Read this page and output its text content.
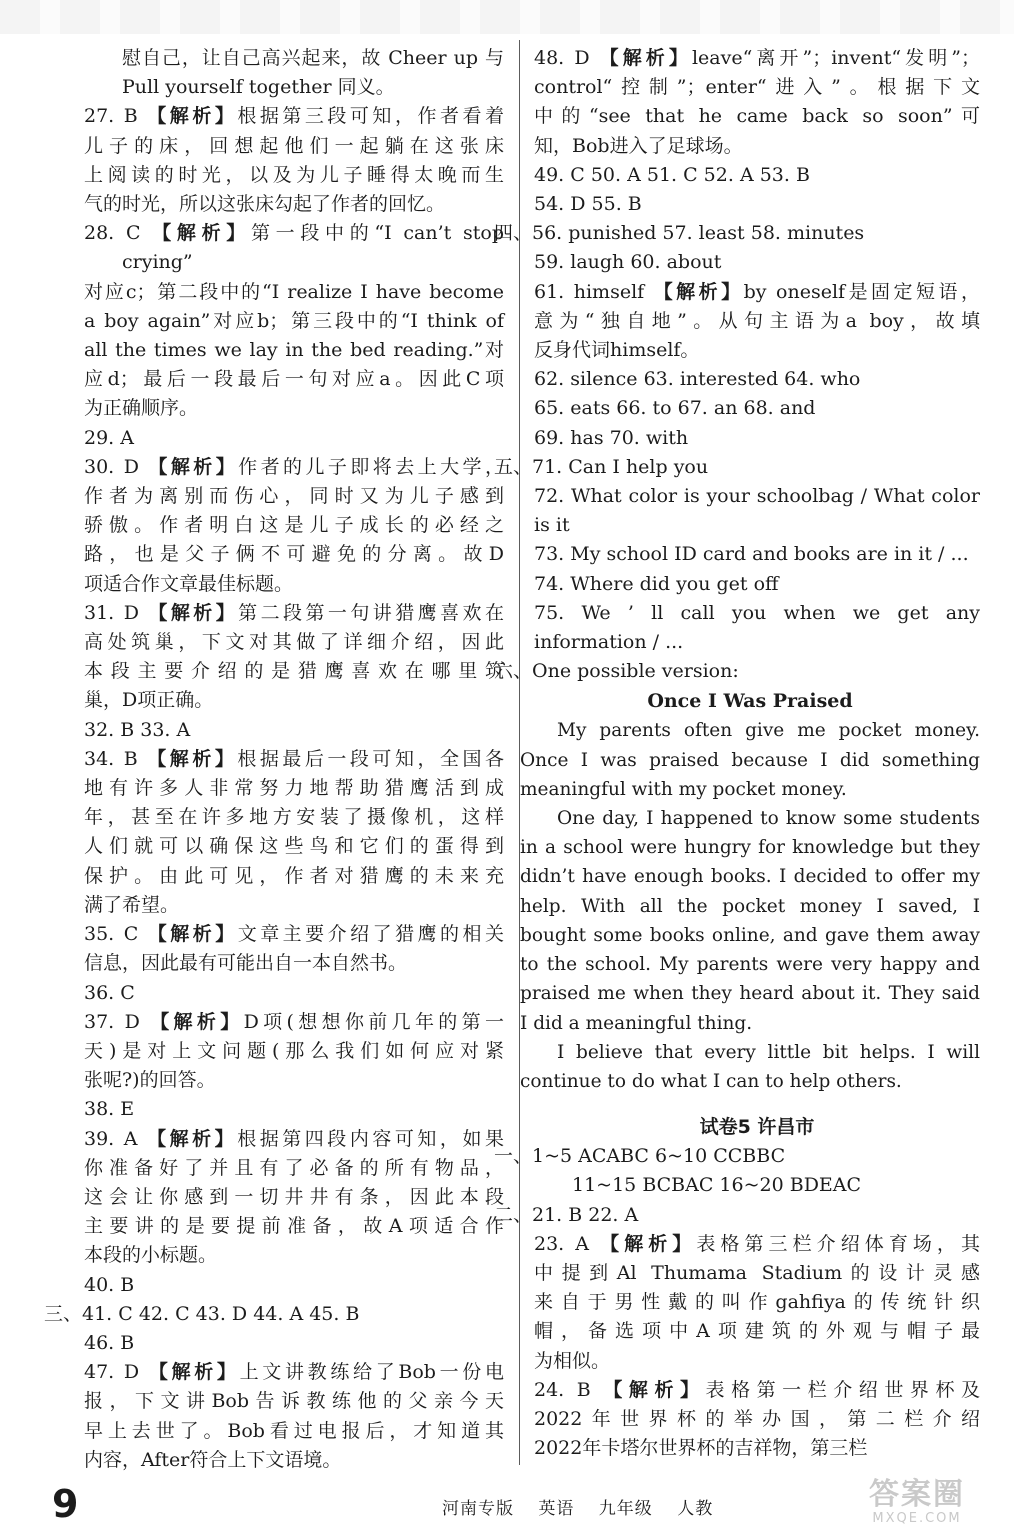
慰自己，让自己高兴起来，故 Cheer up 与
Pull yourself together 同义。
27. B 【解析】根据第三段可知，作者看着
儿子的床，回想起他们一起躺在这张床
上阅读的时光，以及为儿子睡得太晚而生
气的时光，所以这张床勾起了作者的回忆。
28. C 【解析】第一段中的“I can’t stop crying”
对应c；第二段中的“I realize I have become
a boy again”对应b；第三段中的“I think of
all the times we lay in the bed reading.”对
应d；最后一段最后一句对应a。因此C项
为正确顺序。
29. A
30. D 【解析】作者的儿子即将去上大学，
作者为离别而伤心，同时又为儿子感到
骄傲。作者明白这是儿子成长的必经之
路，也是父子俩不可避免的分离。故D
项适合作文章最佳标题。
31. D 【解析】第二段第一句讲猎鹰喜欢在
高处筑巢，下文对其做了详细介绍，因此
本段主要介绍的是猎鹰喜欢在哪里筑
巢，D项正确。
32. B 33. A
34. B 【解析】根据最后一段可知，全国各
地有许多人非常努力地帮助猎鹰活到成
年，甚至在许多地方安装了摄像机，这样
人们就可以确保这些鸟和它们的蛋得到
保护。由此可见，作者对猎鹰的未来充
满了希望。
35. C 【解析】文章主要介绍了猎鹰的相关
信息，因此最有可能出自一本自然书。
36. C
37. D 【解析】D项(想想你前几年的第一
天)是对上文问题(那么我们如何应对紧
张呢?)的回答。
38. E
39. A 【解析】根据第四段内容可知，如果
你准备好了并且有了必备的所有物品，
这会让你感到一切井井有条，因此本段
主要讲的是要提前准备，故A项适合作
本段的小标题。
40. B
三、41. C 42. C 43. D 44. A 45. B
46. B
47. D 【解析】上文讲教练给了Bob一份电
报，下文讲Bob告诉教练他的父亲今天
早上去世了。Bob看过电报后，才知道其
内容，After符合上下文语境。
48. D 【解析】leave“离开”；invent“发明”；
control“控制”；enter“进入”。根据下文
中的“see that he came back so soon”可
知，Bob进入了足球场。
49. C 50. A 51. C 52. A 53. B
54. D 55. B
四、56. punished 57. least 58. minutes
59. laugh 60. about
61. himself 【解析】by oneself是固定短语，
意为“独自地”。从句主语为a boy，故填
反身代词himself。
62. silence 63. interested 64. who
65. eats 66. to 67. an 68. and
69. has 70. with
五、71. Can I help you
72. What color is your schoolbag / What color
is it
73. My school ID card and books are in it / ...
74. Where did you get off
75. We ’ ll call you when we get any
information / ...
六、One possible version:
Once I Was Praised

My parents often give me pocket money. Once I was praised because I did something meaningful with my pocket money.

One day, I happened to know some students in a school were hungry for knowledge but they didn’t have enough books. I decided to offer my help. With all the pocket money I saved, I bought some books online, and gave them away to the school. My parents were very happy and praised me when they heard about it. They said I did a meaningful thing.

I believe that every little bit helps. I will continue to do what I can to help others.

试卷5 许昌市
一、1~5 ACABC 6~10 CCBBC
11~15 BCBAC 16~20 BDEAC
二、21. B 22. A
23. A 【解析】表格第三栏介绍体育场，其
中提到Al Thumama Stadium的设计灵感
来自于男性戴的叫作gahfiya的传统针织
帽，备选项中A项建筑的外观与帽子最
为相似。
24. B 【解析】表格第一栏介绍世界杯及
2022年世界杯的举办国，第二栏介绍
2022年卡塔尔世界杯的吉祥物，第三栏
9	河南专版 英语 九年级 人教	答案圈
MXQE.COM
